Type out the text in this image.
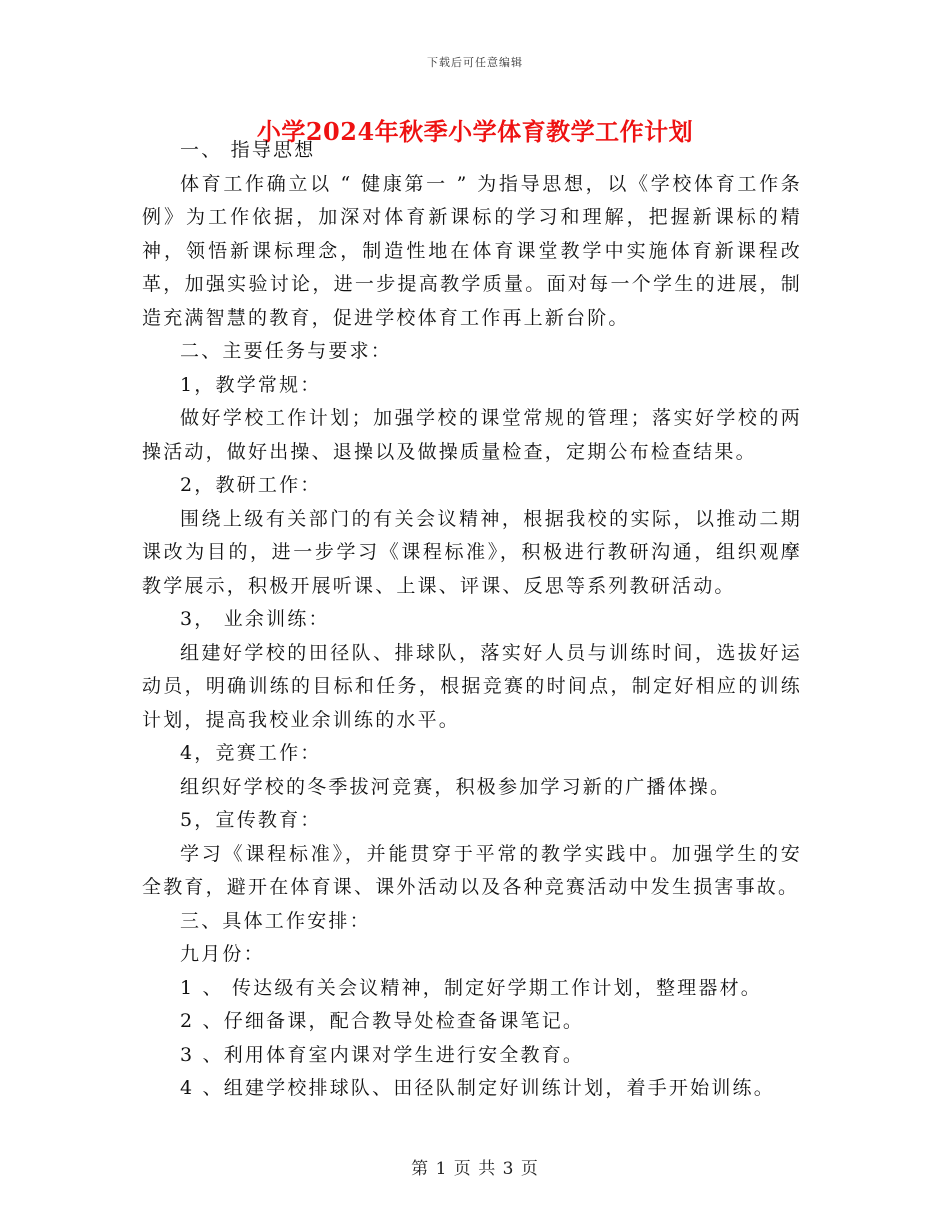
下载后可任意编辑
小学2024年秋季小学体育教学工作计划

一、 指导思想

体育工作确立以 “ 健康第一 ” 为指导思想，以《学校体育工作条例》为工作依据，加深对体育新课标的学习和理解，把握新课标的精神，领悟新课标理念，制造性地在体育课堂教学中实施体育新课程改革，加强实验讨论，进一步提高教学质量。面对每一个学生的进展，制造充满智慧的教育，促进学校体育工作再上新台阶。

二、主要任务与要求：

1，教学常规：

做好学校工作计划；加强学校的课堂常规的管理；落实好学校的两操活动，做好出操、退操以及做操质量检查，定期公布检查结果。

2，教研工作：

围绕上级有关部门的有关会议精神，根据我校的实际，以推动二期课改为目的，进一步学习《课程标准》，积极进行教研沟通，组织观摩教学展示，积极开展听课、上课、评课、反思等系列教研活动。

3， 业余训练：

组建好学校的田径队、排球队，落实好人员与训练时间，选拔好运动员，明确训练的目标和任务，根据竞赛的时间点，制定好相应的训练计划，提高我校业余训练的水平。

4，竞赛工作：

组织好学校的冬季拔河竞赛，积极参加学习新的广播体操。

5，宣传教育：

学习《课程标准》，并能贯穿于平常的教学实践中。加强学生的安全教育，避开在体育课、课外活动以及各种竞赛活动中发生损害事故。

三、具体工作安排：

九月份：

1 、 传达级有关会议精神，制定好学期工作计划，整理器材。

2 、仔细备课，配合教导处检查备课笔记。

3 、利用体育室内课对学生进行安全教育。

4 、组建学校排球队、田径队制定好训练计划，着手开始训练。

第 1 页 共 3 页
